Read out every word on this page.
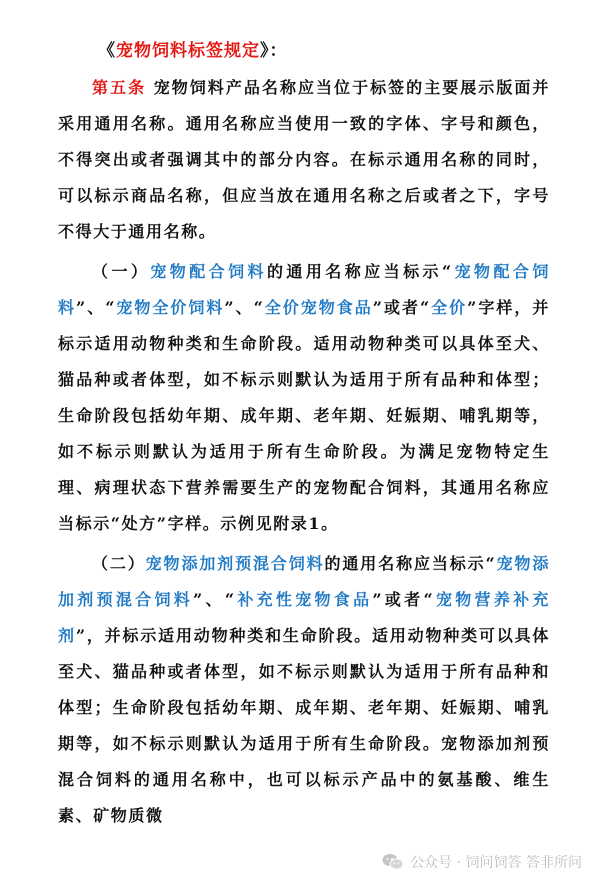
《宠物饲料标签规定》：

第五条 宠物饲料产品名称应当位于标签的主要展示版面并采用通用名称。通用名称应当使用一致的字体、字号和颜色，不得突出或者强调其中的部分内容。在标示通用名称的同时，可以标示商品名称，但应当放在通用名称之后或者之下，字号不得大于通用名称。

（一）宠物配合饲料的通用名称应当标示“宠物配合饲料”、“宠物全价饲料”、“全价宠物食品”或者“全价”字样，并标示适用动物种类和生命阶段。适用动物种类可以具体至犬、猫品种或者体型，如不标示则默认为适用于所有品种和体型；生命阶段包括幼年期、成年期、老年期、妊娠期、哺乳期等，如不标示则默认为适用于所有生命阶段。为满足宠物特定生理、病理状态下营养需要生产的宠物配合饲料，其通用名称应当标示“处方”字样。示例见附录1。

（二）宠物添加剂预混合饲料的通用名称应当标示“宠物添加剂预混合饲料”、“补充性宠物食品”或者“宠物营养补充剂”，并标示适用动物种类和生命阶段。适用动物种类可以具体至犬、猫品种或者体型，如不标示则默认为适用于所有品种和体型；生命阶段包括幼年期、成年期、老年期、妊娠期、哺乳期等，如不标示则默认为适用于所有生命阶段。宠物添加剂预混合饲料的通用名称中，也可以标示产品中的氨基酸、维生素、矿物质微

公众号 · 饲问饲答 答非所问
